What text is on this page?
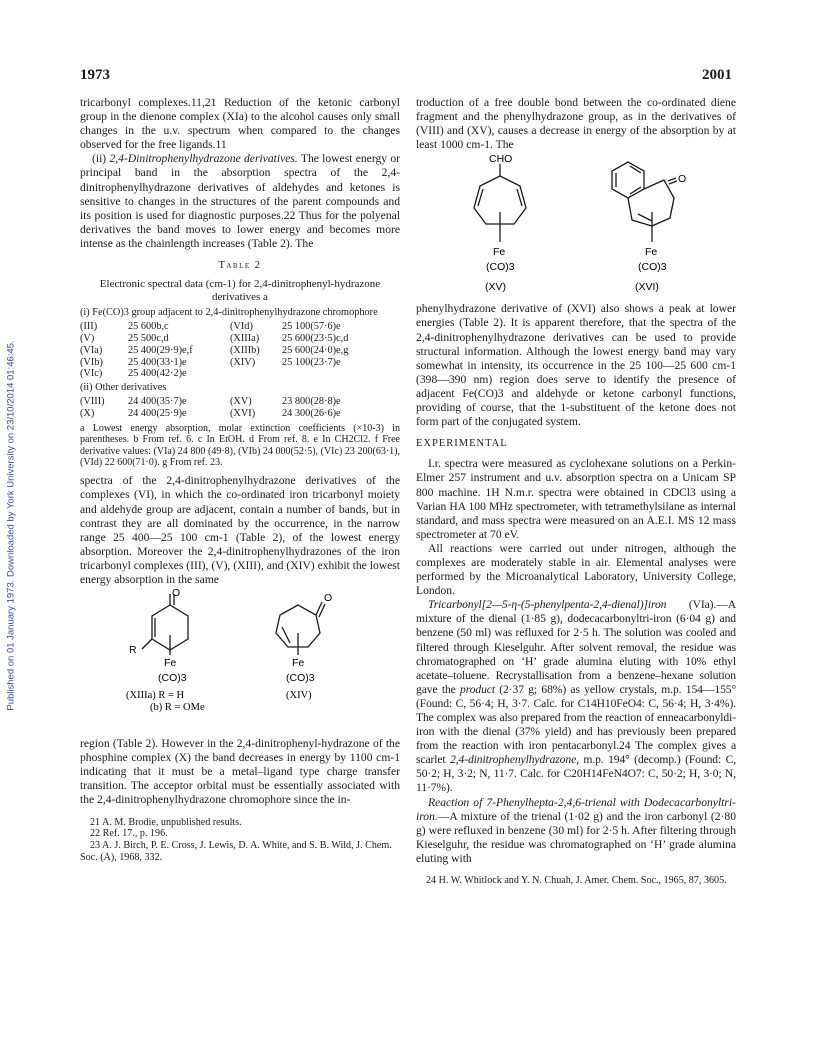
Published on 01 January 1973. Downloaded by York University on 23/10/2014 01:46:45.
1973	2001

tricarbonyl complexes.11,21 Reduction of the ketonic carbonyl group in the dienone complex (XIa) to the alcohol causes only small changes in the u.v. spectrum when compared to the changes observed for the free ligands.11

(ii) 2,4-Dinitrophenylhydrazone derivatives. The lowest energy or principal band in the absorption spectra of the 2,4-dinitrophenylhydrazone derivatives of aldehydes and ketones is sensitive to changes in the structures of the parent compounds and its position is used for diagnostic purposes.22 Thus for the polyenal derivatives the band moves to lower energy and becomes more intense as the chainlength increases (Table 2). The

Table 2
Electronic spectral data (cm-1) for 2,4-dinitrophenyl-hydrazone derivatives a
(i) Fe(CO)3 group adjacent to 2,4-dinitrophenylhydrazone chromophore
(III)	25 600b,c	(VId)	25 100(57·6)e
(V)	25 500c,d	(XIIIa)	25 600(23·5)c,d
(VIa)	25 400(29·9)e,f	(XIIIb)	25 600(24·0)e,g
(VIb)	25 400(33·1)e	(XIV)	25 100(23·7)e
(VIc)	25 400(42·2)e
(ii) Other derivatives
(VIII)	24 400(35·7)e	(XV)	23 800(28·8)e
(X)	24 400(25·9)e	(XVI)	24 300(26·6)e
a Lowest energy absorption, molar extinction coefficients (×10-3) in parentheses. b From ref. 6. c In EtOH. d From ref. 8. e In CH2Cl2. f Free derivative values: (VIa) 24 800 (49·8), (VIb) 24 000(52·5), (VIc) 23 200(63·1), (VId) 22 600(71·0). g From ref. 23.

spectra of the 2,4-dinitrophenylhydrazone derivatives of the complexes (VI), in which the co-ordinated iron tricarbonyl moiety and aldehyde group are adjacent, contain a number of bands, but in contrast they are all dominated by the occurrence, in the narrow range 25 400—25 100 cm-1 (Table 2), of the lowest energy absorption. Moreover the 2,4-dinitrophenylhydrazones of the iron tricarbonyl complexes (III), (V), (XIII), and (XIV) exhibit the lowest energy absorption in the same

O
R
Fe
(CO)3
O
Fe
(CO)3
(XIIIa) R = H
(b) R = OMe
(XIV)

region (Table 2). However in the 2,4-dinitrophenyl-hydrazone of the phosphine complex (X) the band decreases in energy by 1100 cm-1 indicating that it must be a metal–ligand type charge transfer transition. The acceptor orbital must be essentially associated with the 2,4-dinitrophenylhydrazone chromophore since the in-

21 A. M. Brodie, unpublished results.
22 Ref. 17., p. 196.
23 A. J. Birch, P. E. Cross, J. Lewis, D. A. White, and S. B. Wild, J. Chem. Soc. (A), 1968, 332.

troduction of a free double bond between the co-ordinated diene fragment and the phenylhydrazone group, as in the derivatives of (VIII) and (XV), causes a decrease in energy of the absorption by at least 1000 cm-1. The

CHO
Fe
(CO)3
(XV)
O
Fe
(CO)3
(XVI)

phenylhydrazone derivative of (XVI) also shows a peak at lower energies (Table 2). It is apparent therefore, that the spectra of the 2,4-dinitrophenylhydrazone derivatives can be used to provide structural information. Although the lowest energy band may vary somewhat in intensity, its occurrence in the 25 100—25 600 cm-1 (398—390 nm) region does serve to identify the presence of adjacent Fe(CO)3 and aldehyde or ketone carbonyl functions, providing of course, that the 1-substituent of the ketone does not form part of the conjugated system.

EXPERIMENTAL

I.r. spectra were measured as cyclohexane solutions on a Perkin-Elmer 257 instrument and u.v. absorption spectra on a Unicam SP 800 machine. 1H N.m.r. spectra were obtained in CDCl3 using a Varian HA 100 MHz spectrometer, with tetramethylsilane as internal standard, and mass spectra were measured on an A.E.I. MS 12 mass spectrometer at 70 eV.

All reactions were carried out under nitrogen, although the complexes are moderately stable in air. Elemental analyses were performed by the Microanalytical Laboratory, University College, London.

Tricarbonyl[2—5-η-(5-phenylpenta-2,4-dienal)]iron (VIa).—A mixture of the dienal (1·85 g), dodecacarbonyltri-iron (6·04 g) and benzene (50 ml) was refluxed for 2·5 h. The solution was cooled and filtered through Kieselguhr. After solvent removal, the residue was chromatographed on ‘H’ grade alumina eluting with 10% ethyl acetate–toluene. Recrystallisation from a benzene–hexane solution gave the product (2·37 g; 68%) as yellow crystals, m.p. 154—155° (Found: C, 56·4; H, 3·7. Calc. for C14H10FeO4: C, 56·4; H, 3·4%). The complex was also prepared from the reaction of enneacarbonyldi-iron with the dienal (37% yield) and has previously been prepared from the reaction with iron pentacarbonyl.24 The complex gives a scarlet 2,4-dinitrophenylhydrazone, m.p. 194° (decomp.) (Found: C, 50·2; H, 3·2; N, 11·7. Calc. for C20H14FeN4O7: C, 50·2; H, 3·0; N, 11·7%).

Reaction of 7-Phenylhepta-2,4,6-trienal with Dodecacarbonyltri-iron.—A mixture of the trienal (1·02 g) and the iron carbonyl (2·80 g) were refluxed in benzene (30 ml) for 2·5 h. After filtering through Kieselguhr, the residue was chromatographed on ‘H’ grade alumina eluting with

24 H. W. Whitlock and Y. N. Chuah, J. Amer. Chem. Soc., 1965, 87, 3605.
